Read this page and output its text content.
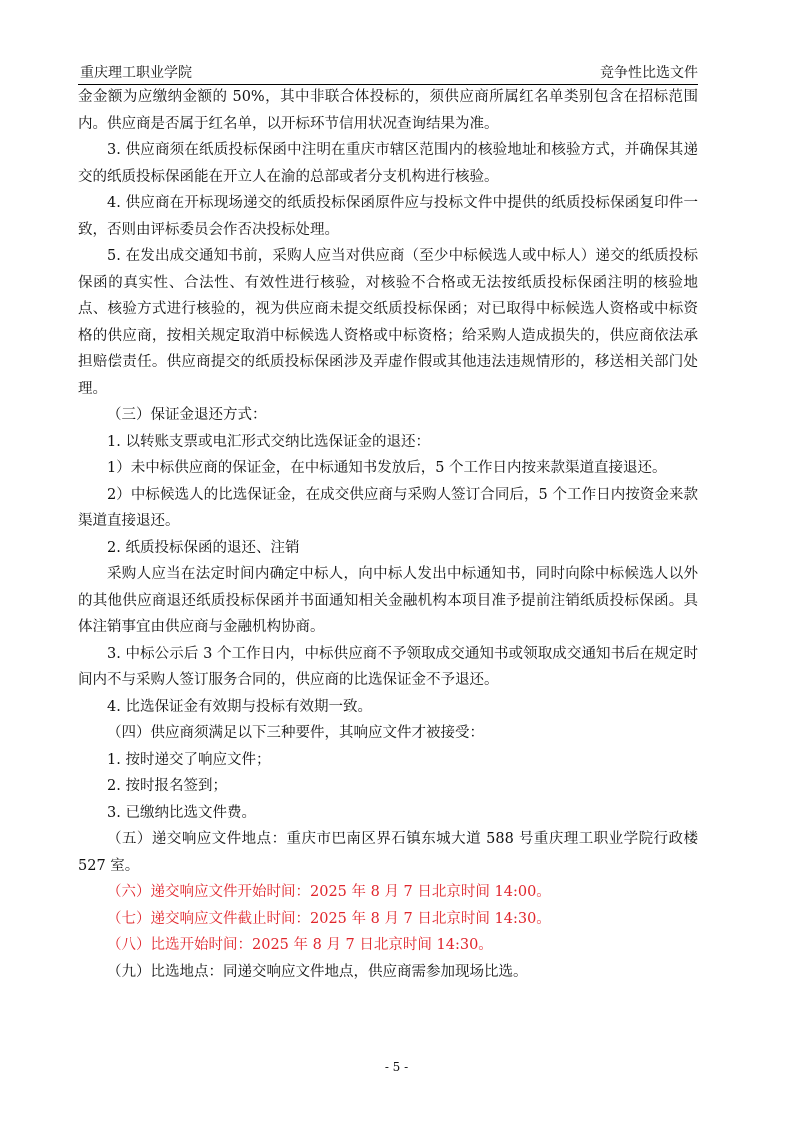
重庆理工职业学院	竞争性比选文件

金金额为应缴纳金额的 50%，其中非联合体投标的，须供应商所属红名单类别包含在招标范围内。供应商是否属于红名单，以开标环节信用状况查询结果为准。

3. 供应商须在纸质投标保函中注明在重庆市辖区范围内的核验地址和核验方式，并确保其递交的纸质投标保函能在开立人在渝的总部或者分支机构进行核验。

4. 供应商在开标现场递交的纸质投标保函原件应与投标文件中提供的纸质投标保函复印件一致，否则由评标委员会作否决投标处理。

5. 在发出成交通知书前，采购人应当对供应商（至少中标候选人或中标人）递交的纸质投标保函的真实性、合法性、有效性进行核验，对核验不合格或无法按纸质投标保函注明的核验地点、核验方式进行核验的，视为供应商未提交纸质投标保函；对已取得中标候选人资格或中标资格的供应商，按相关规定取消中标候选人资格或中标资格；给采购人造成损失的，供应商依法承担赔偿责任。供应商提交的纸质投标保函涉及弄虚作假或其他违法违规情形的，移送相关部门处理。

（三）保证金退还方式：

1. 以转账支票或电汇形式交纳比选保证金的退还：

1）未中标供应商的保证金，在中标通知书发放后，5 个工作日内按来款渠道直接退还。

2）中标候选人的比选保证金，在成交供应商与采购人签订合同后，5 个工作日内按资金来款渠道直接退还。

2. 纸质投标保函的退还、注销

采购人应当在法定时间内确定中标人，向中标人发出中标通知书，同时向除中标候选人以外的其他供应商退还纸质投标保函并书面通知相关金融机构本项目准予提前注销纸质投标保函。具体注销事宜由供应商与金融机构协商。

3. 中标公示后 3 个工作日内，中标供应商不予领取成交通知书或领取成交通知书后在规定时间内不与采购人签订服务合同的，供应商的比选保证金不予退还。

4. 比选保证金有效期与投标有效期一致。

（四）供应商须满足以下三种要件，其响应文件才被接受：

1. 按时递交了响应文件；

2. 按时报名签到；

3. 已缴纳比选文件费。

（五）递交响应文件地点：重庆市巴南区界石镇东城大道 588 号重庆理工职业学院行政楼 527 室。

（六）递交响应文件开始时间：2025 年 8 月 7 日北京时间 14:00。

（七）递交响应文件截止时间：2025 年 8 月 7 日北京时间 14:30。

（八）比选开始时间：2025 年 8 月 7 日北京时间 14:30。

（九）比选地点：同递交响应文件地点，供应商需参加现场比选。

- 5 -
